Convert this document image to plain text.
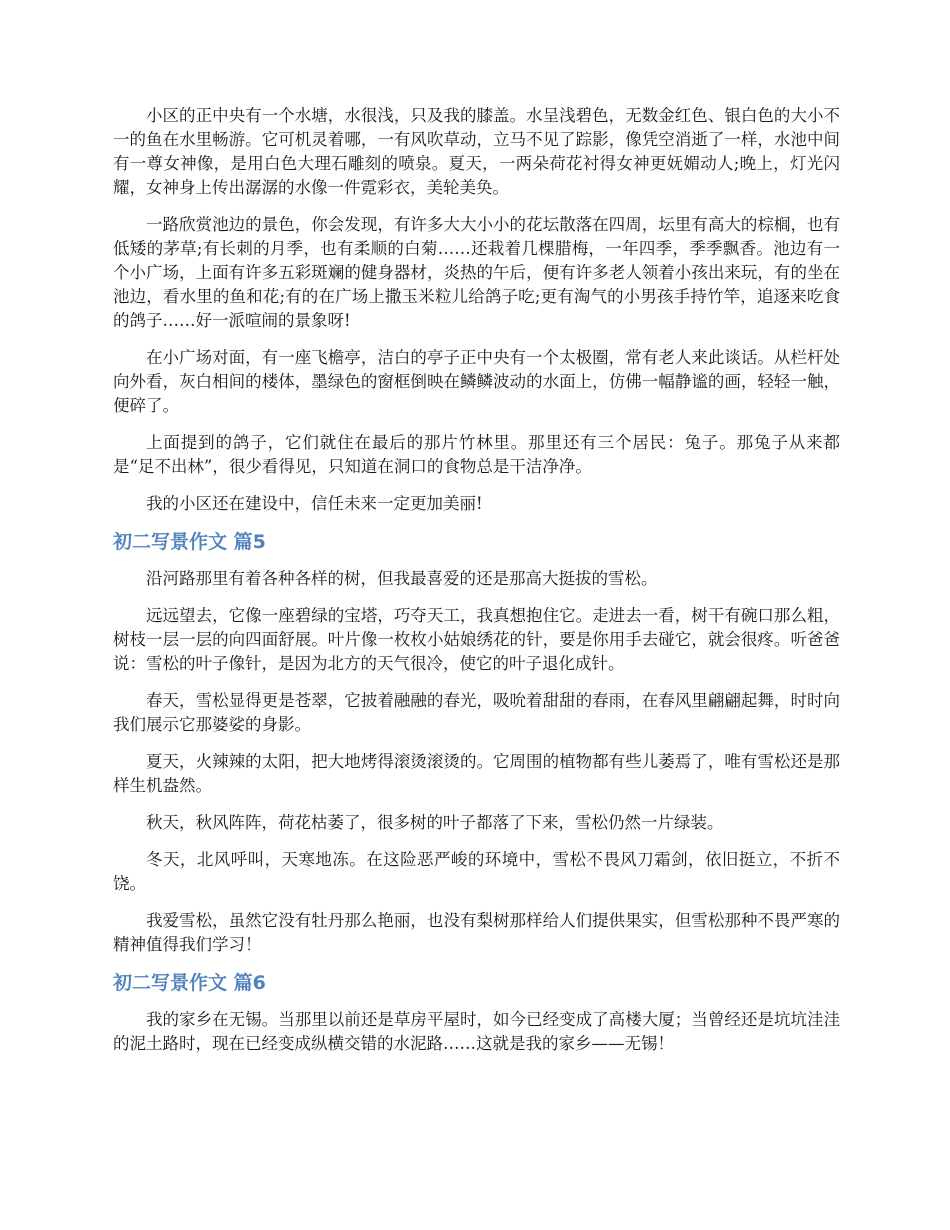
小区的正中央有一个水塘，水很浅，只及我的膝盖。水呈浅碧色，无数金红色、银白色的大小不一的鱼在水里畅游。它可机灵着哪，一有风吹草动，立马不见了踪影，像凭空消逝了一样，水池中间有一尊女神像，是用白色大理石雕刻的喷泉。夏天，一两朵荷花衬得女神更妩媚动人;晚上，灯光闪耀，女神身上传出潺潺的水像一件霓彩衣，美轮美奂。

一路欣赏池边的景色，你会发现，有许多大大小小的花坛散落在四周，坛里有高大的棕榈，也有低矮的茅草;有长刺的月季，也有柔顺的白菊……还栽着几棵腊梅，一年四季，季季飘香。池边有一个小广场，上面有许多五彩斑斓的健身器材，炎热的午后，便有许多老人领着小孩出来玩，有的坐在池边，看水里的鱼和花;有的在广场上撒玉米粒儿给鸽子吃;更有淘气的小男孩手持竹竿，追逐来吃食的鸽子……好一派喧闹的景象呀!

在小广场对面，有一座飞檐亭，洁白的亭子正中央有一个太极圈，常有老人来此谈话。从栏杆处向外看，灰白相间的楼体，墨绿色的窗框倒映在鳞鳞波动的水面上，仿佛一幅静谧的画，轻轻一触，便碎了。

上面提到的鸽子，它们就住在最后的那片竹林里。那里还有三个居民：兔子。那兔子从来都是“足不出林”，很少看得见，只知道在洞口的食物总是干洁净净。

我的小区还在建设中，信任未来一定更加美丽!

初二写景作文 篇5

沿河路那里有着各种各样的树，但我最喜爱的还是那高大挺拔的雪松。

远远望去，它像一座碧绿的宝塔，巧夺天工，我真想抱住它。走进去一看，树干有碗口那么粗，树枝一层一层的向四面舒展。叶片像一枚枚小姑娘绣花的针，要是你用手去碰它，就会很疼。听爸爸说：雪松的叶子像针，是因为北方的天气很冷，使它的叶子退化成针。

春天，雪松显得更是苍翠，它披着融融的春光，吸吮着甜甜的春雨，在春风里翩翩起舞，时时向我们展示它那婆娑的身影。

夏天，火辣辣的太阳，把大地烤得滚烫滚烫的。它周围的植物都有些儿萎焉了，唯有雪松还是那样生机盎然。

秋天，秋风阵阵，荷花枯萎了，很多树的叶子都落了下来，雪松仍然一片绿装。

冬天，北风呼叫，天寒地冻。在这险恶严峻的环境中，雪松不畏风刀霜剑，依旧挺立，不折不饶。

我爱雪松，虽然它没有牡丹那么艳丽，也没有梨树那样给人们提供果实，但雪松那种不畏严寒的精神值得我们学习！

初二写景作文 篇6

我的家乡在无锡。当那里以前还是草房平屋时，如今已经变成了高楼大厦；当曾经还是坑坑洼洼的泥土路时，现在已经变成纵横交错的水泥路……这就是我的家乡——无锡！
